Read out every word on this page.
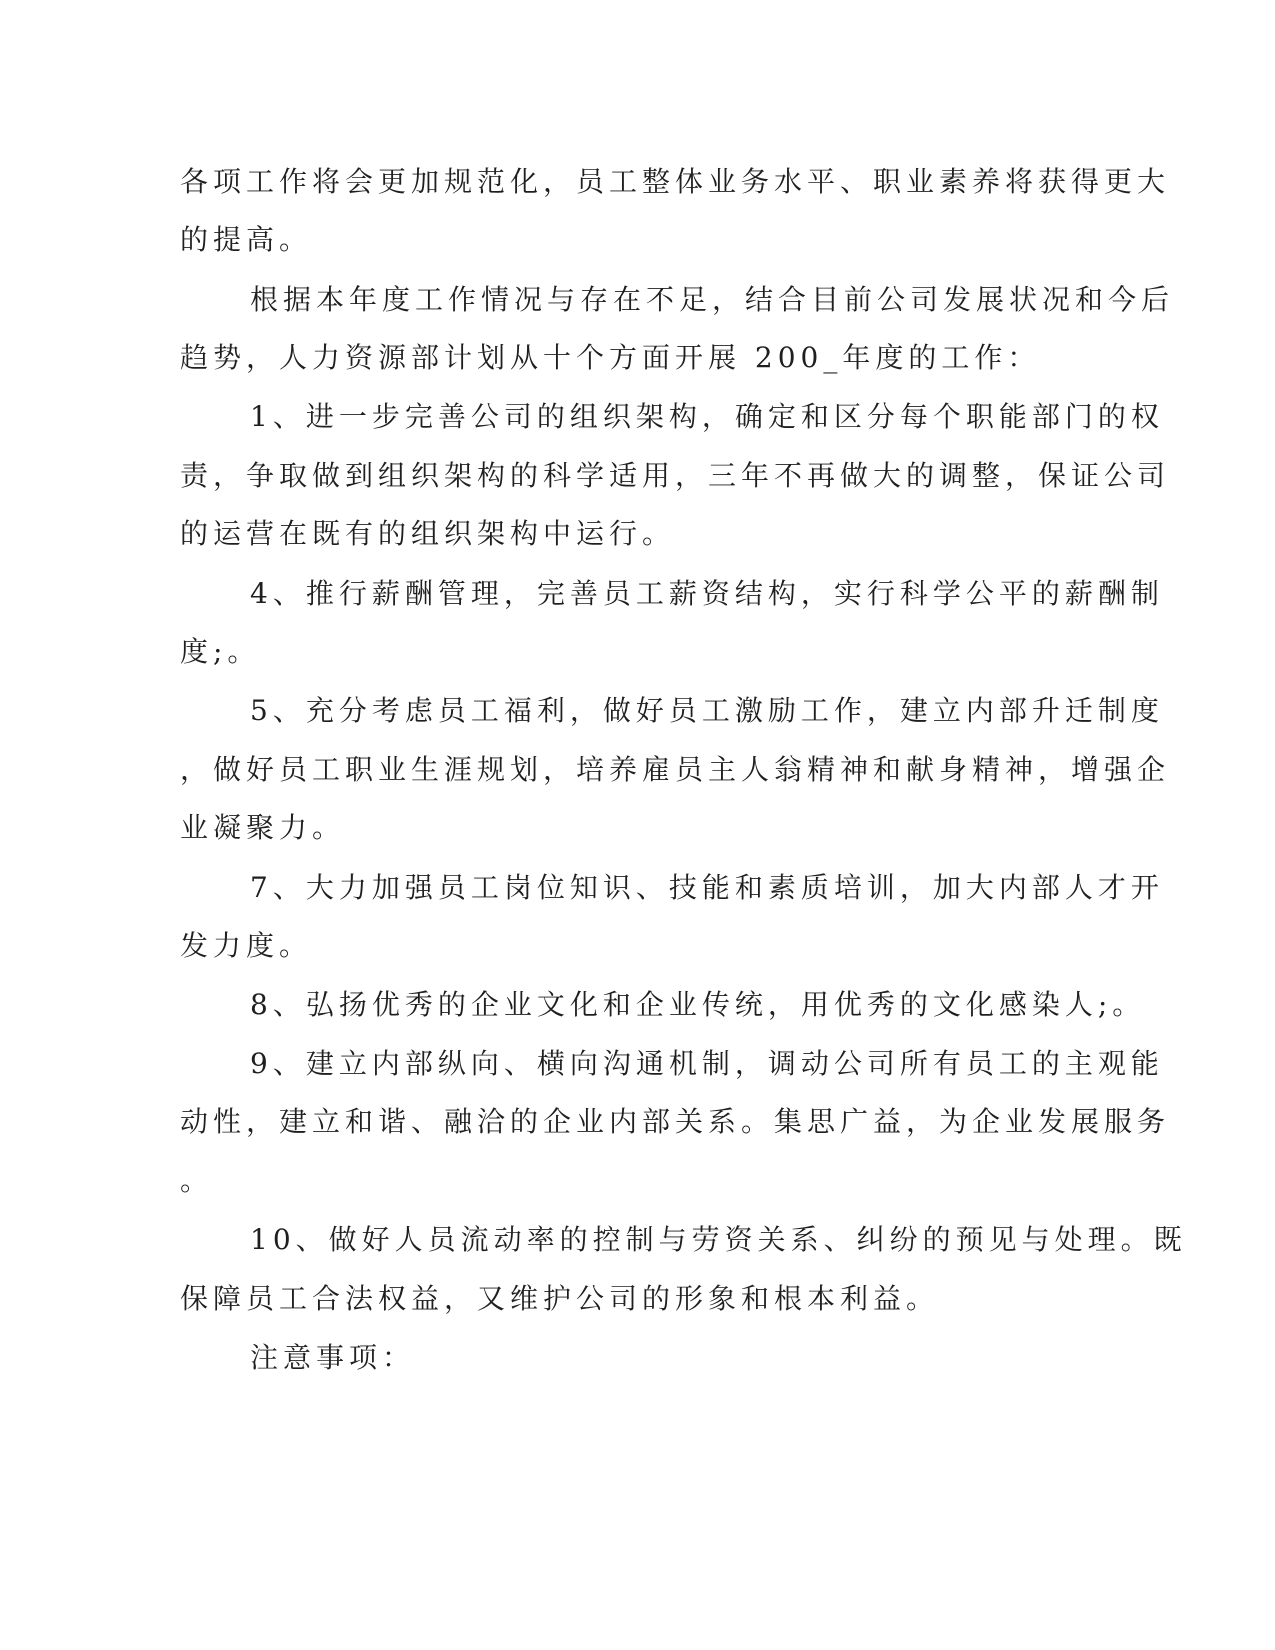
各项工作将会更加规范化，员工整体业务水平、职业素养将获得更大
的提高。
根据本年度工作情况与存在不足，结合目前公司发展状况和今后
趋势，人力资源部计划从十个方面开展 200_年度的工作：
1、进一步完善公司的组织架构，确定和区分每个职能部门的权
责，争取做到组织架构的科学适用，三年不再做大的调整，保证公司
的运营在既有的组织架构中运行。
4、推行薪酬管理，完善员工薪资结构，实行科学公平的薪酬制
度;。
5、充分考虑员工福利，做好员工激励工作，建立内部升迁制度
，做好员工职业生涯规划，培养雇员主人翁精神和献身精神，增强企
业凝聚力。
7、大力加强员工岗位知识、技能和素质培训，加大内部人才开
发力度。
8、弘扬优秀的企业文化和企业传统，用优秀的文化感染人;。
9、建立内部纵向、横向沟通机制，调动公司所有员工的主观能
动性，建立和谐、融洽的企业内部关系。集思广益，为企业发展服务
。
10、做好人员流动率的控制与劳资关系、纠纷的预见与处理。既
保障员工合法权益，又维护公司的形象和根本利益。
注意事项：
